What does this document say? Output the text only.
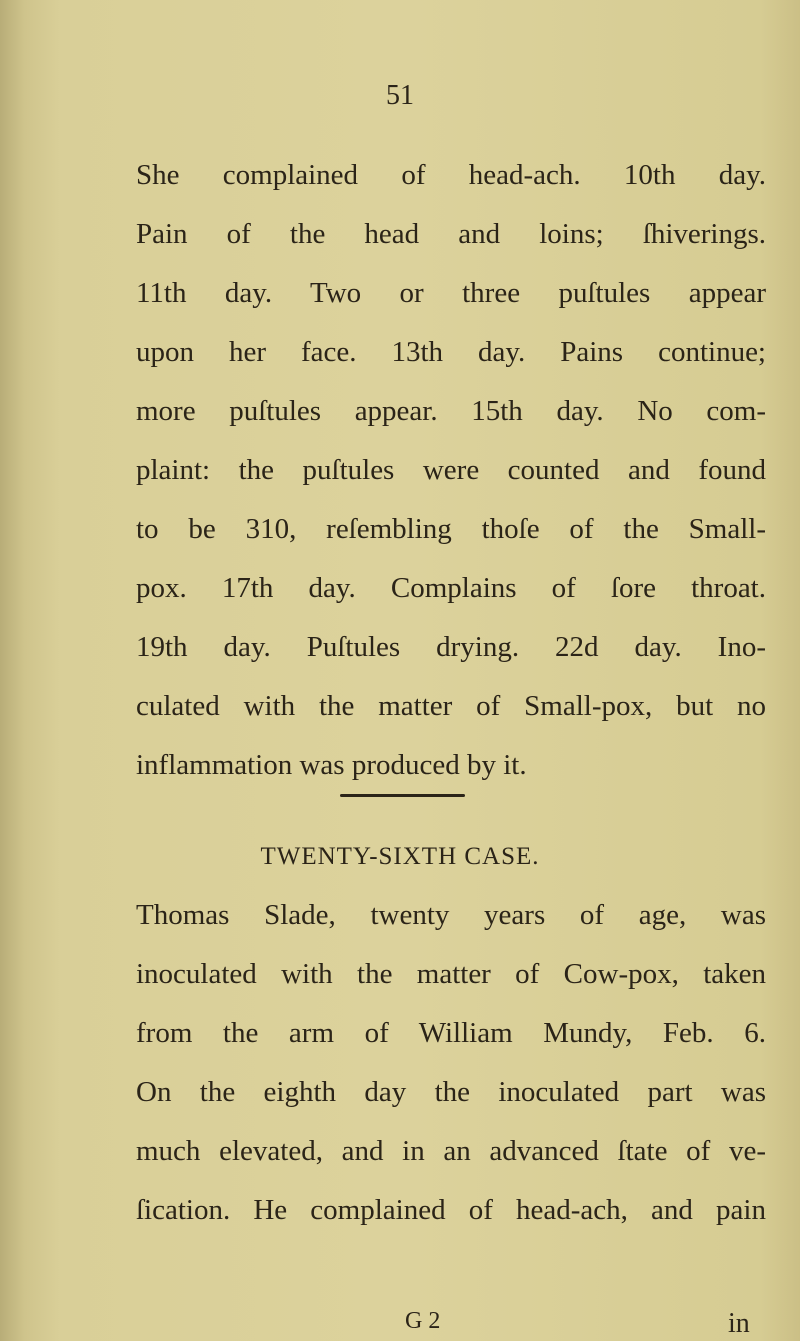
51
She complained of head-ach. 10th day.
Pain of the head and loins; ſhiverings.
11th day. Two or three puſtules appear
upon her face. 13th day. Pains continue;
more puſtules appear. 15th day. No com-
plaint: the puſtules were counted and found
to be 310, reſembling thoſe of the Small-
pox. 17th day. Complains of ſore throat.
19th day. Puſtules drying. 22d day. Ino-
culated with the matter of Small-pox, but no
inflammation was produced by it.
TWENTY-SIXTH CASE.
Thomas Slade, twenty years of age, was
inoculated with the matter of Cow-pox, taken
from the arm of William Mundy, Feb. 6.
On the eighth day the inoculated part was
much elevated, and in an advanced ſtate of ve-
ſication. He complained of head-ach, and pain
G 2	in
